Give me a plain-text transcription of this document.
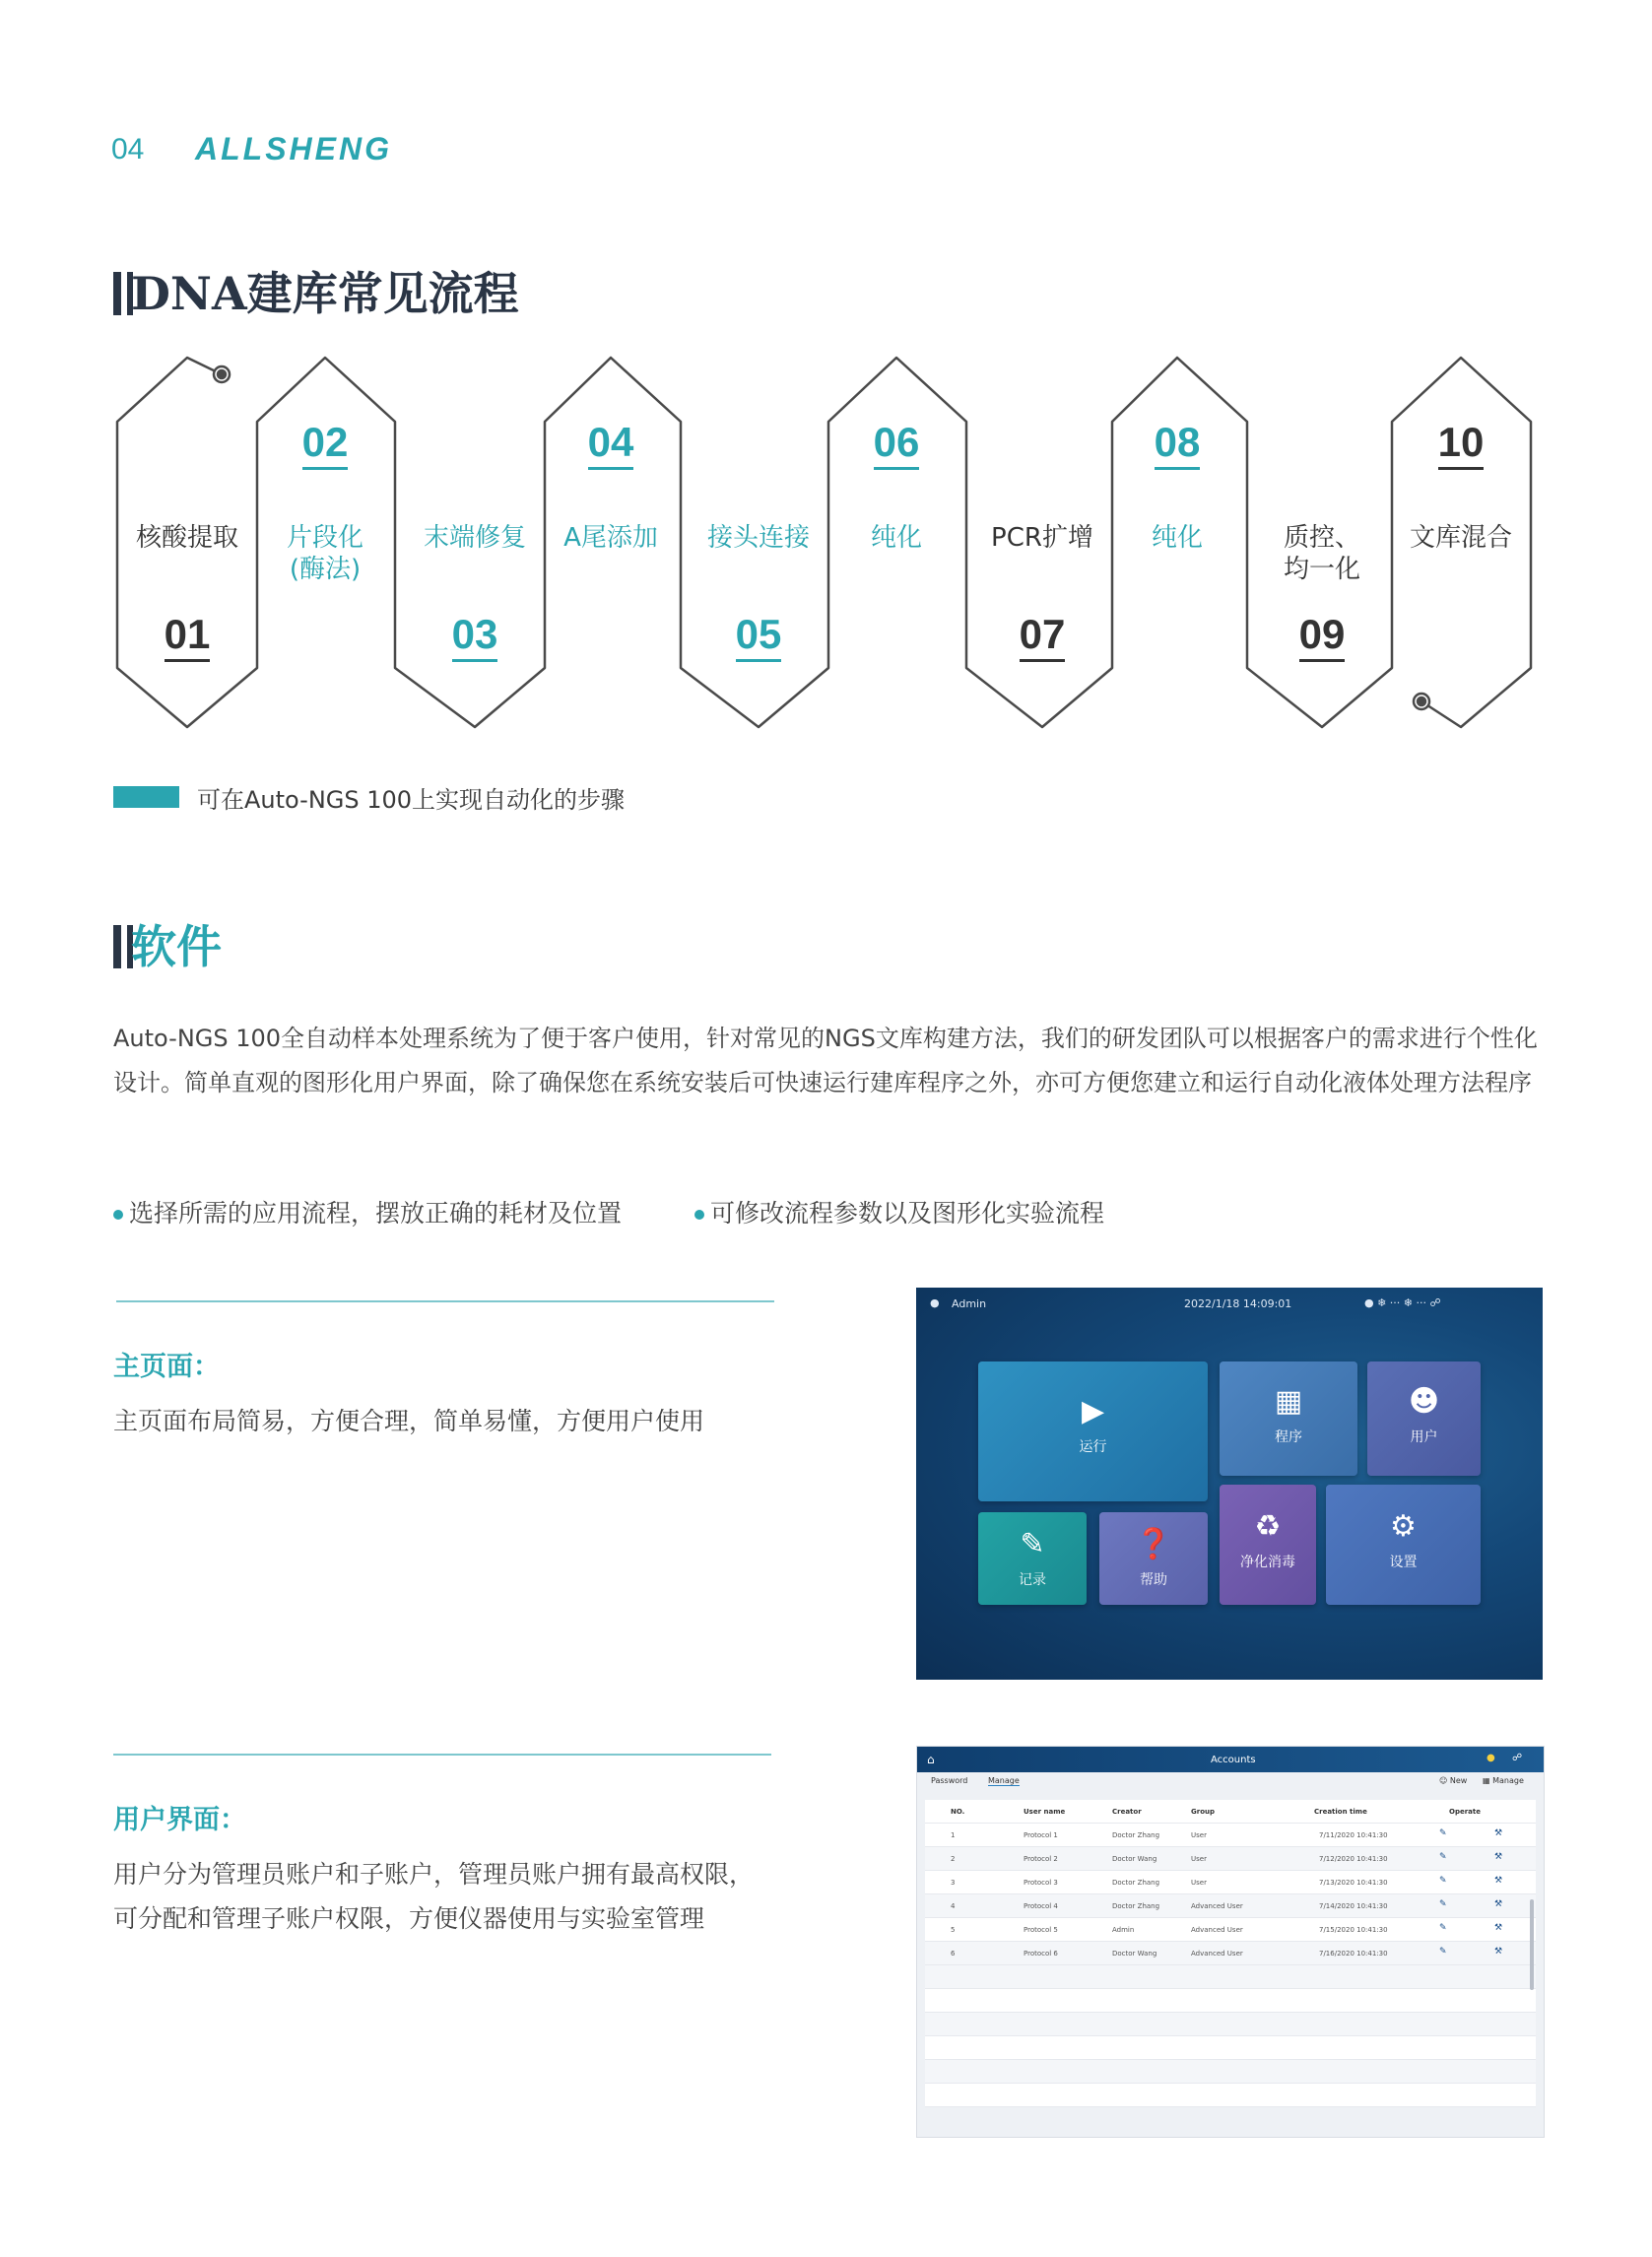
04 ALLSHENG
DNA建库常见流程
01
核酸提取
02
片段化
(酶法)
03
末端修复
04
A尾添加
05
接头连接
06
纯化
07
PCR扩增
08
纯化
09
质控、
均一化
10
文库混合
可在Auto-NGS 100上实现自动化的步骤
软件
Auto-NGS 100全自动样本处理系统为了便于客户使用，针对常见的NGS文库构建方法，我们的研发团队可以根据客户的需求进行个性化设计。简单直观的图形化用户界面，除了确保您在系统安装后可快速运行建库程序之外，亦可方便您建立和运行自动化液体处理方法程序
选择所需的应用流程，摆放正确的耗材及位置	可修改流程参数以及图形化实验流程
主页面：
主页面布局简易，方便合理，简单易懂，方便用户使用
用户界面：
用户分为管理员账户和子账户，管理员账户拥有最高权限，
可分配和管理子账户权限，方便仪器使用与实验室管理
● Admin	2022/1/18 14:09:01	● ❄ ··· ❄ ··· ☍
▶
运行
▦
程序
☻
用户
✎
记录
❓
帮助
♻
净化消毒
⚙
设置
⌂	Accounts	● ☍
Password	Manage	☺ New ▦ Manage
NO.	User name	Creator	Group	Creation time	Operate
1	Protocol 1	Doctor Zhang	User	7/11/2020 10:41:30	✎	⚒
2	Protocol 2	Doctor Wang	User	7/12/2020 10:41:30	✎	⚒
3	Protocol 3	Doctor Zhang	User	7/13/2020 10:41:30	✎	⚒
4	Protocol 4	Doctor Zhang	Advanced User	7/14/2020 10:41:30	✎	⚒
5	Protocol 5	Admin	Advanced User	7/15/2020 10:41:30	✎	⚒
6	Protocol 6	Doctor Wang	Advanced User	7/16/2020 10:41:30	✎	⚒
